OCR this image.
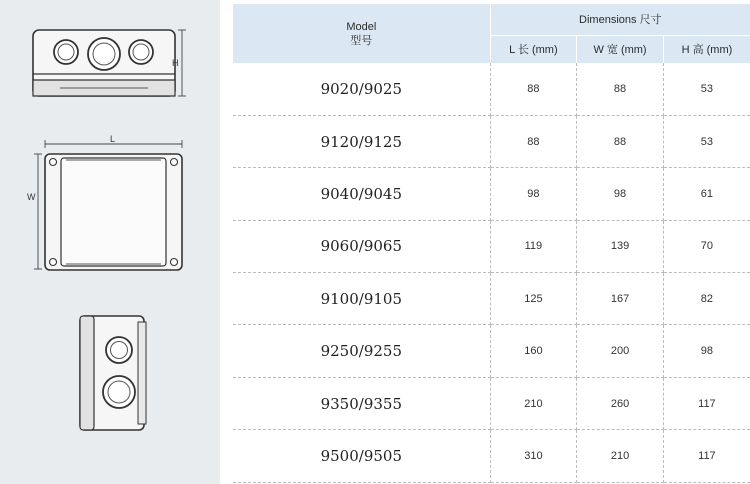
H
L
W
Model
型号	Dimensions 尺寸		
	L 长 (mm)	W 宽 (mm)	H 高 (mm)
9020/9025	88	88	53
9120/9125	88	88	53
9040/9045	98	98	61
9060/9065	119	139	70
9100/9105	125	167	82
9250/9255	160	200	98
9350/9355	210	260	117
9500/9505	310	210	117
